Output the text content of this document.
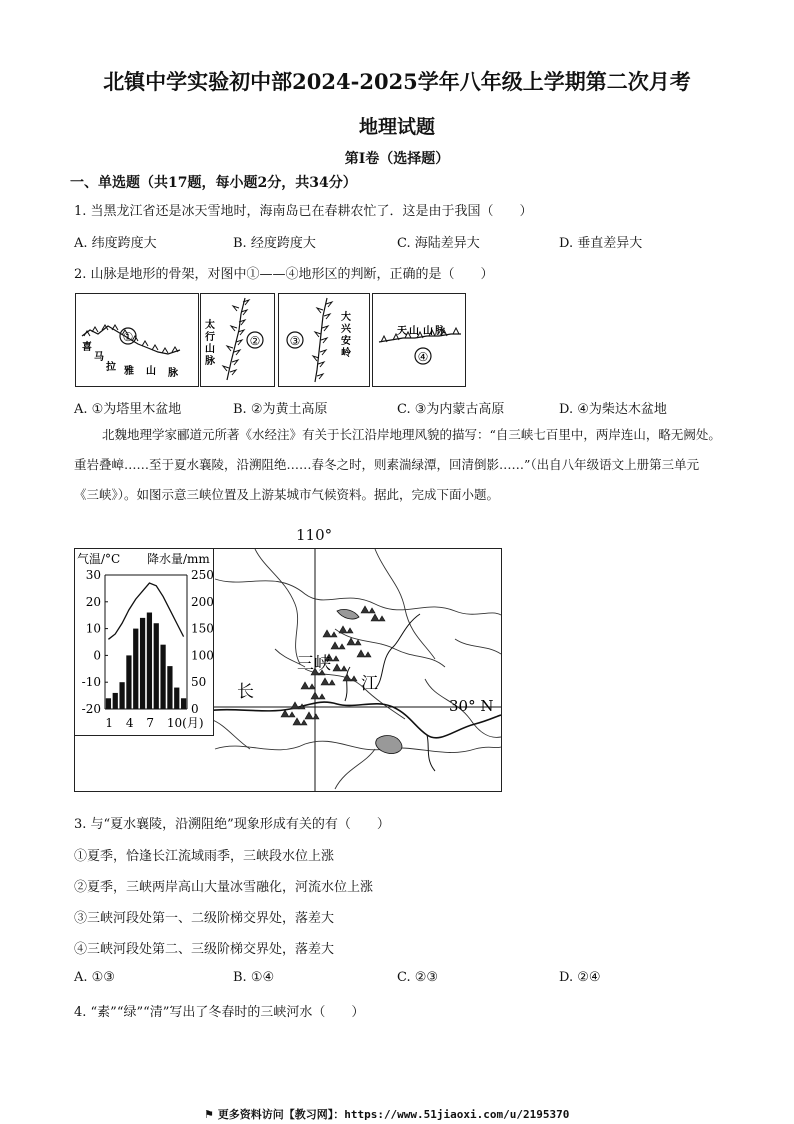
北镇中学实验初中部2024-2025学年八年级上学期第二次月考
地理试题
第Ⅰ卷（选择题）
一、单选题（共17题，每小题2分，共34分）
1. 当黑龙江省还是冰天雪地时，海南岛已在春耕农忙了．这是由于我国（　　）
A. 纬度跨度大	B. 经度跨度大	C. 海陆差异大	D. 垂直差异大
2. 山脉是地形的骨架，对图中①——④地形区的判断，正确的是（　　）
①
喜
马
拉 雅 山 脉
②
太
行
山
脉
③
大
兴
安
岭
天 山 山 脉
④
A. ①为塔里木盆地	B. ②为黄土高原	C. ③为内蒙古高原	D. ④为柴达木盆地
北魏地理学家郦道元所著《水经注》有关于长江沿岸地理风貌的描写：“自三峡七百里中，两岸连山，略无阙处。重岩叠嶂……至于夏水襄陵，沿溯阻绝……春冬之时，则素湍绿潭，回清倒影……”（出自八年级语文上册第三单元《三峡》）。如图示意三峡位置及上游某城市气候资料。据此，完成下面小题。
110°
三峡
长	江
30° N
气温/°C 降水量/mm
30
20
10
0
-10
-20
250
200
150
100
50
0
1 4 7 10(月)
3. 与“夏水襄陵，沿溯阻绝”现象形成有关的有（　　）
①夏季，恰逢长江流域雨季，三峡段水位上涨
②夏季，三峡两岸高山大量冰雪融化，河流水位上涨
③三峡河段处第一、二级阶梯交界处，落差大
④三峡河段处第二、三级阶梯交界处，落差大
A. ①③	B. ①④	C. ②③	D. ②④
4. “素”“绿”“清”写出了冬春时的三峡河水（　　）
⚑ 更多资料访问【教习网】：https://www.51jiaoxi.com/u/2195370
